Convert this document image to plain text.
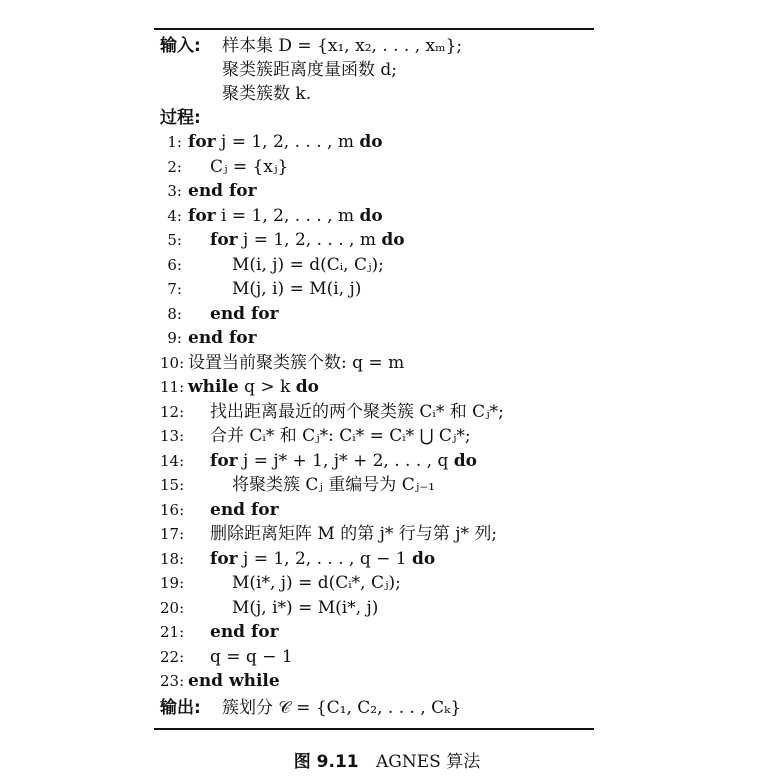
输入: 样本集 D = {x₁, x₂, . . . , xₘ};
聚类簇距离度量函数 d;
聚类簇数 k.
过程:
1: for j = 1, 2, . . . , m do
2: Cⱼ = {xⱼ}
3: end for
4: for i = 1, 2, . . . , m do
5: for j = 1, 2, . . . , m do
6:	M(i, j) = d(Cᵢ, Cⱼ);
7:	M(j, i) = M(i, j)
8: end for
9: end for
10: 设置当前聚类簇个数: q = m
11: while q > k do
12: 找出距离最近的两个聚类簇 Cᵢ* 和 Cⱼ*;
13: 合并 Cᵢ* 和 Cⱼ*: Cᵢ* = Cᵢ* ⋃ Cⱼ*;
14: for j = j* + 1, j* + 2, . . . , q do
15:	将聚类簇 Cⱼ 重编号为 Cⱼ₋₁
16: end for
17: 删除距离矩阵 M 的第 j* 行与第 j* 列;
18: for j = 1, 2, . . . , q − 1 do
19:	M(i*, j) = d(Cᵢ*, Cⱼ);
20:	M(j, i*) = M(i*, j)
21: end for
22: q = q − 1
23: end while
输出: 簇划分 𝒞 = {C₁, C₂, . . . , Cₖ}
图 9.11 AGNES 算法
